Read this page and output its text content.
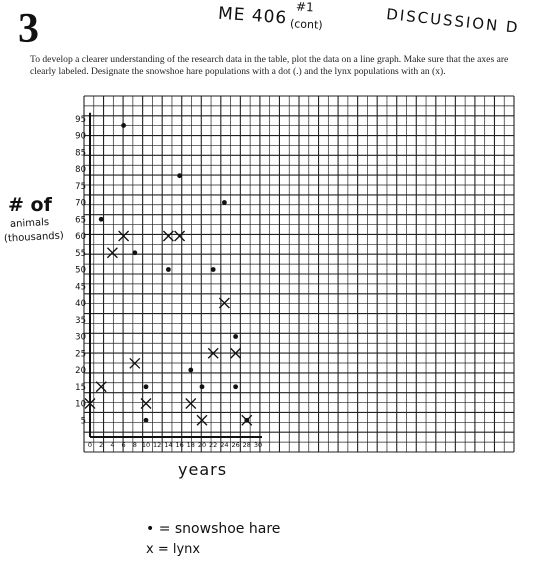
3	ME 406 #1
(cont)	DISCUSSION D
To develop a clearer understanding of the research data in the table, plot the data on a line graph. Make sure that the axes are clearly labeled. Designate the snowshoe hare populations with a dot (.) and the lynx populations with an (x).
# of
animals
(thousands)
5
10
15
20
25
30
35
40
45
50
55
60
65
70
75
80
85
90
95
0 2 4 6 8 10 12 14 16 18 20 22 24 26 28 30
years
• = snowshoe hare
x = lynx
